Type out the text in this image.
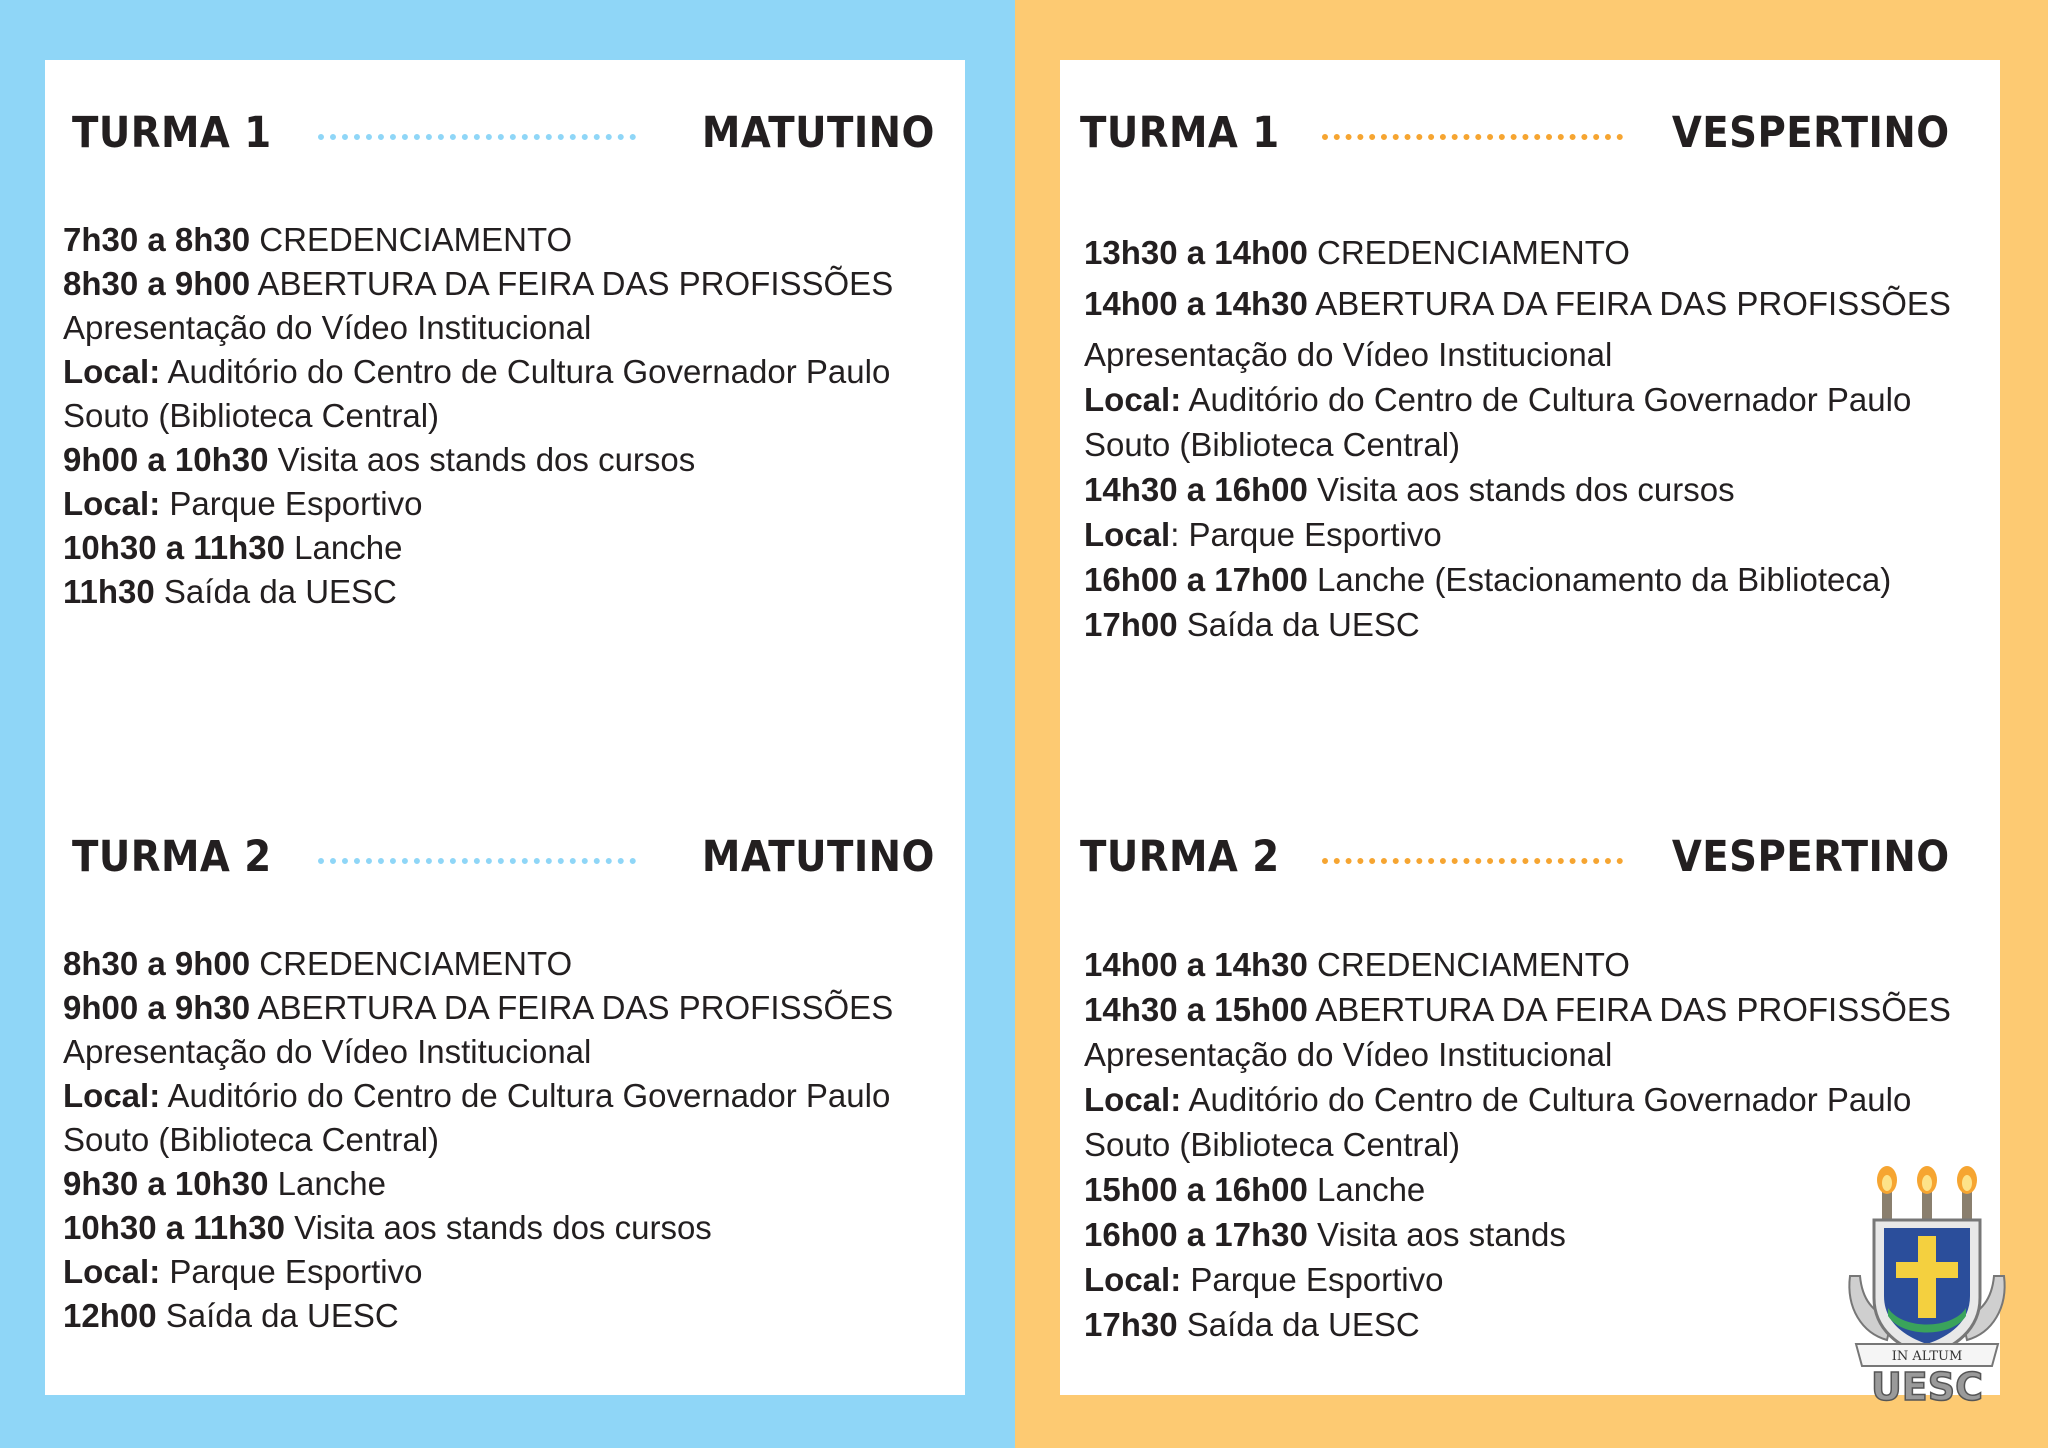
TURMA 1	MATUTINO
7h30 a 8h30 CREDENCIAMENTO
8h30 a 9h00 ABERTURA DA FEIRA DAS PROFISSÕES
Apresentação do Vídeo Institucional
Local: Auditório do Centro de Cultura Governador Paulo
Souto (Biblioteca Central)
9h00 a 10h30 Visita aos stands dos cursos
Local: Parque Esportivo
10h30 a 11h30 Lanche
11h30 Saída da UESC
TURMA 2	MATUTINO
8h30 a 9h00 CREDENCIAMENTO
9h00 a 9h30 ABERTURA DA FEIRA DAS PROFISSÕES
Apresentação do Vídeo Institucional
Local: Auditório do Centro de Cultura Governador Paulo
Souto (Biblioteca Central)
9h30 a 10h30 Lanche
10h30 a 11h30 Visita aos stands dos cursos
Local: Parque Esportivo
12h00 Saída da UESC
TURMA 1	VESPERTINO
13h30 a 14h00 CREDENCIAMENTO
14h00 a 14h30 ABERTURA DA FEIRA DAS PROFISSÕES
Apresentação do Vídeo Institucional
Local: Auditório do Centro de Cultura Governador Paulo
Souto (Biblioteca Central)
14h30 a 16h00 Visita aos stands dos cursos
Local: Parque Esportivo
16h00 a 17h00 Lanche (Estacionamento da Biblioteca)
17h00 Saída da UESC
TURMA 2	VESPERTINO
14h00 a 14h30 CREDENCIAMENTO
14h30 a 15h00 ABERTURA DA FEIRA DAS PROFISSÕES
Apresentação do Vídeo Institucional
Local: Auditório do Centro de Cultura Governador Paulo
Souto (Biblioteca Central)
15h00 a 16h00 Lanche
16h00 a 17h30 Visita aos stands
Local: Parque Esportivo
17h30 Saída da UESC
IN ALTUM
UESC
